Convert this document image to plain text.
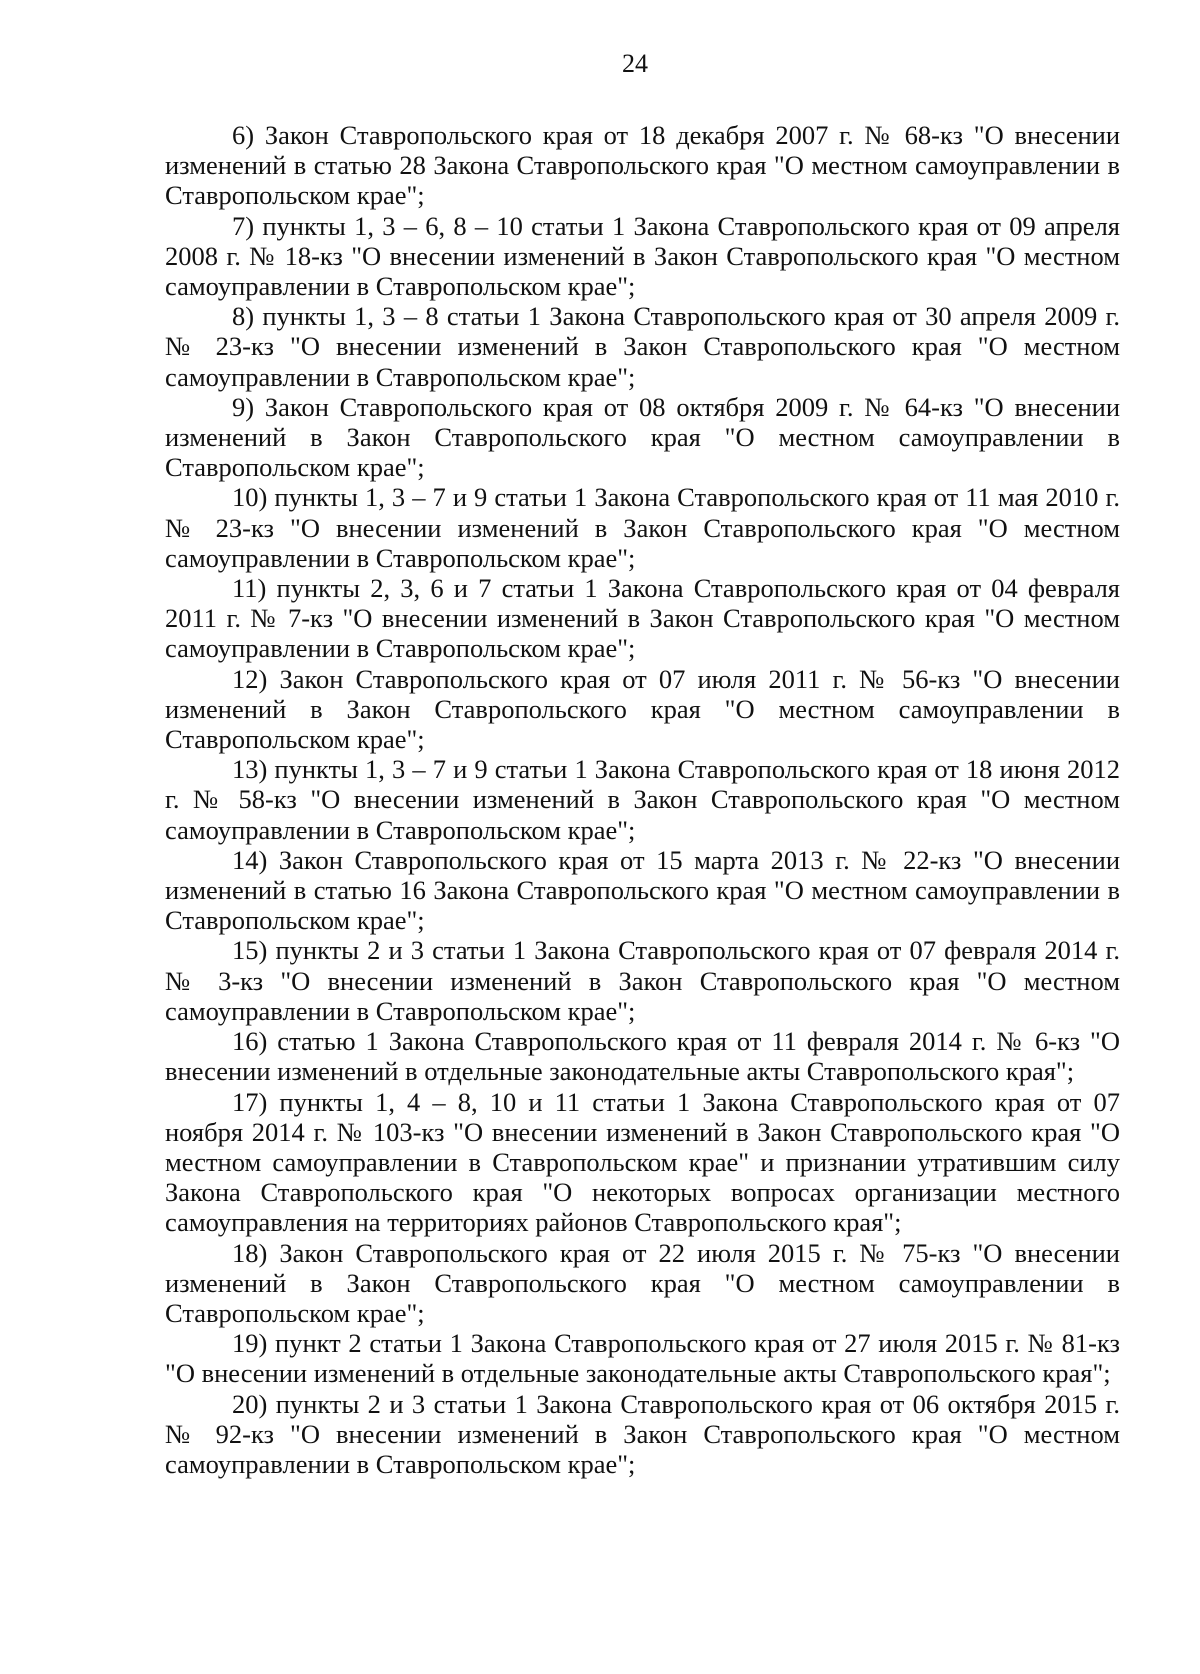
24

6) Закон Ставропольского края от 18 декабря 2007 г. № 68-кз "О внесении изменений в статью 28 Закона Ставропольского края "О местном самоуправлении в Ставропольском крае";

7) пункты 1, 3 – 6, 8 – 10 статьи 1 Закона Ставропольского края от 09 апреля 2008 г. № 18-кз "О внесении изменений в Закон Ставропольского края "О местном самоуправлении в Ставропольском крае";

8) пункты 1, 3 – 8 статьи 1 Закона Ставропольского края от 30 апреля 2009 г. № 23-кз "О внесении изменений в Закон Ставропольского края "О местном самоуправлении в Ставропольском крае";

9) Закон Ставропольского края от 08 октября 2009 г. № 64-кз "О внесении изменений в Закон Ставропольского края "О местном самоуправлении в Ставропольском крае";

10) пункты 1, 3 – 7 и 9 статьи 1 Закона Ставропольского края от 11 мая 2010 г. № 23-кз "О внесении изменений в Закон Ставропольского края "О местном самоуправлении в Ставропольском крае";

11) пункты 2, 3, 6 и 7 статьи 1 Закона Ставропольского края от 04 февраля 2011 г. № 7-кз "О внесении изменений в Закон Ставропольского края "О местном самоуправлении в Ставропольском крае";

12) Закон Ставропольского края от 07 июля 2011 г. № 56-кз "О внесении изменений в Закон Ставропольского края "О местном самоуправлении в Ставропольском крае";

13) пункты 1, 3 – 7 и 9 статьи 1 Закона Ставропольского края от 18 июня 2012 г. № 58-кз "О внесении изменений в Закон Ставропольского края "О местном самоуправлении в Ставропольском крае";

14) Закон Ставропольского края от 15 марта 2013 г. № 22-кз "О внесении изменений в статью 16 Закона Ставропольского края "О местном самоуправлении в Ставропольском крае";

15) пункты 2 и 3 статьи 1 Закона Ставропольского края от 07 февраля 2014 г. № 3-кз "О внесении изменений в Закон Ставропольского края "О местном самоуправлении в Ставропольском крае";

16) статью 1 Закона Ставропольского края от 11 февраля 2014 г. № 6-кз "О внесении изменений в отдельные законодательные акты Ставропольского края";

17) пункты 1, 4 – 8, 10 и 11 статьи 1 Закона Ставропольского края от 07 ноября 2014 г. № 103-кз "О внесении изменений в Закон Ставропольского края "О местном самоуправлении в Ставропольском крае" и признании утратившим силу Закона Ставропольского края "О некоторых вопросах организации местного самоуправления на территориях районов Ставропольского края";

18) Закон Ставропольского края от 22 июля 2015 г. № 75-кз "О внесении изменений в Закон Ставропольского края "О местном самоуправлении в Ставропольском крае";

19) пункт 2 статьи 1 Закона Ставропольского края от 27 июля 2015 г. № 81-кз "О внесении изменений в отдельные законодательные акты Ставропольского края";

20) пункты 2 и 3 статьи 1 Закона Ставропольского края от 06 октября 2015 г. № 92-кз "О внесении изменений в Закон Ставропольского края "О местном самоуправлении в Ставропольском крае";
